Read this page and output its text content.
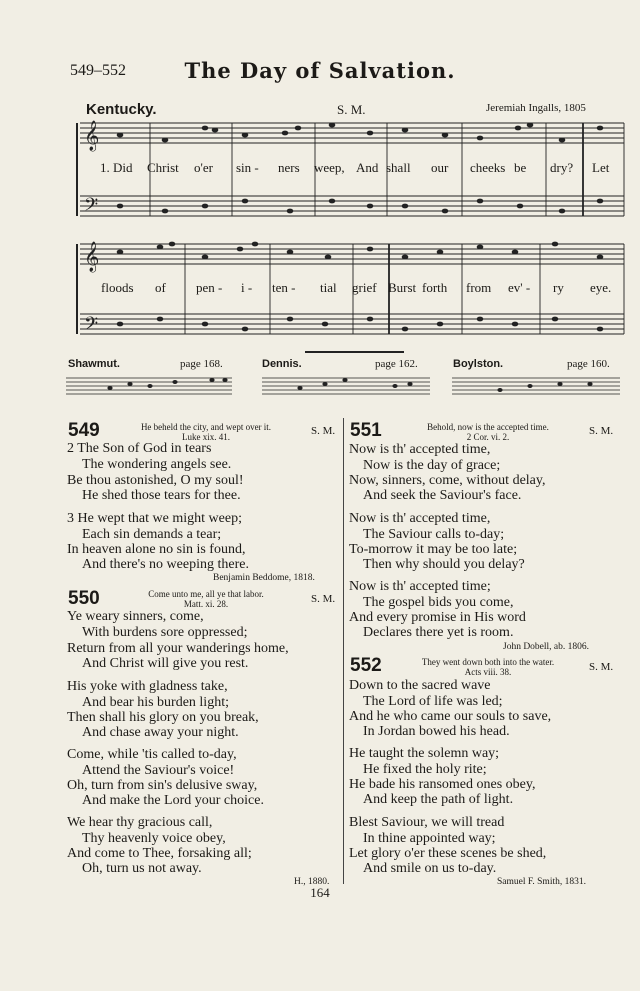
549–552	The Day of Salvation.
Kentucky.	S. M.	Jeremiah Ingalls, 1805
𝄞
𝄞
𝄢
𝄢
1. Did Christ o'er sin - ners weep, And shall our cheeks be dry? Let
floods of pen - i - ten - tial grief Burst forth from ev' - ry eye.
Shawmut.	page 168.	Dennis.	page 162.	Boylston.	page 160.
549	He beheld the city, and wept over it.
Luke xix. 41.	S. M.
2 The Son of God in tears
The wondering angels see.
Be thou astonished, O my soul!
He shed those tears for thee.
3 He wept that we might weep;
Each sin demands a tear;
In heaven alone no sin is found,
And there's no weeping there.
Benjamin Beddome, 1818.
550	Come unto me, all ye that labor.
Matt. xi. 28.	S. M.
Ye weary sinners, come,
With burdens sore oppressed;
Return from all your wanderings home,
And Christ will give you rest.
His yoke with gladness take,
And bear his burden light;
Then shall his glory on you break,
And chase away your night.
Come, while 'tis called to-day,
Attend the Saviour's voice!
Oh, turn from sin's delusive sway,
And make the Lord your choice.
We hear thy gracious call,
Thy heavenly voice obey,
And come to Thee, forsaking all;
Oh, turn us not away.
H., 1880.
551	Behold, now is the accepted time.
2 Cor. vi. 2.	S. M.
Now is th' accepted time,
Now is the day of grace;
Now, sinners, come, without delay,
And seek the Saviour's face.
Now is th' accepted time,
The Saviour calls to-day;
To-morrow it may be too late;
Then why should you delay?
Now is th' accepted time;
The gospel bids you come,
And every promise in His word
Declares there yet is room.
John Dobell, ab. 1806.
552	They went down both into the water.
Acts viii. 38.	S. M.
Down to the sacred wave
The Lord of life was led;
And he who came our souls to save,
In Jordan bowed his head.
He taught the solemn way;
He fixed the holy rite;
He bade his ransomed ones obey,
And keep the path of light.
Blest Saviour, we will tread
In thine appointed way;
Let glory o'er these scenes be shed,
And smile on us to-day.
Samuel F. Smith, 1831.
164
